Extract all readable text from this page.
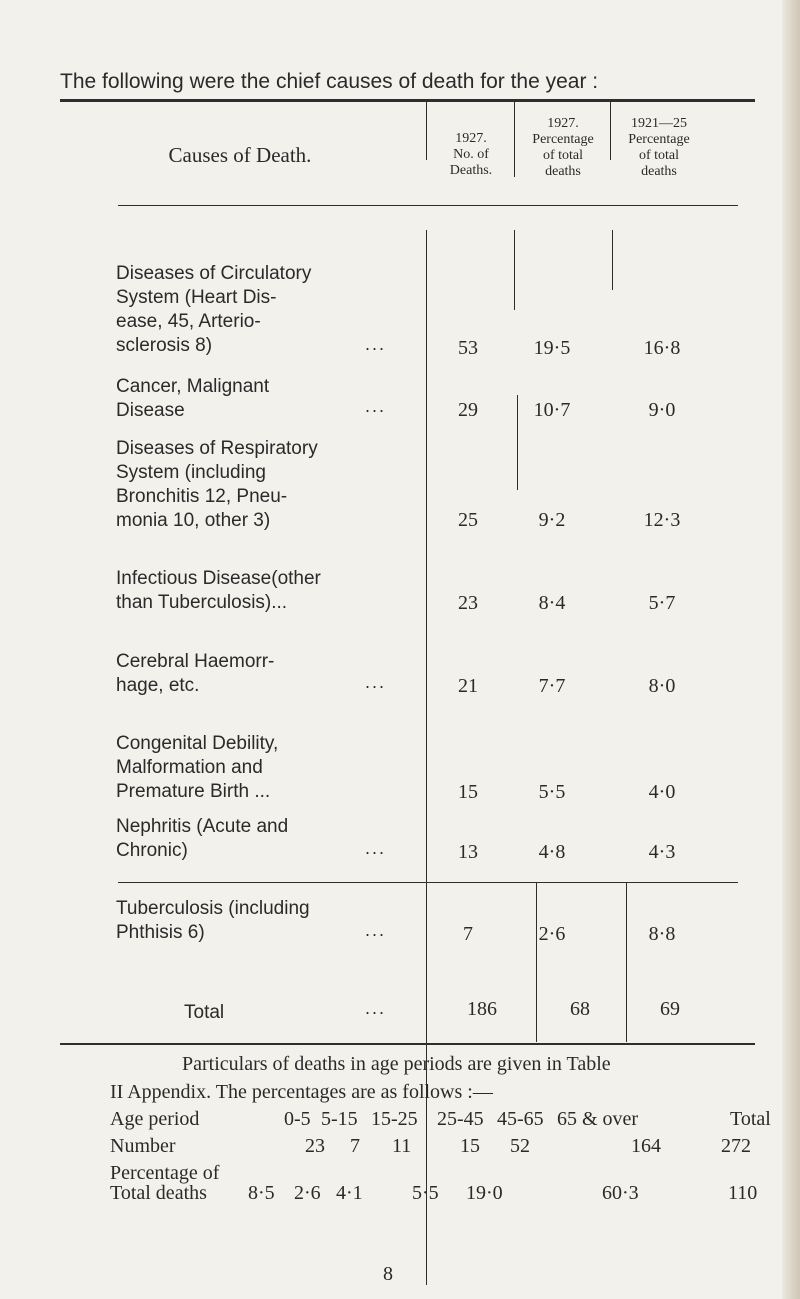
The following were the chief causes of death for the year :
Causes of Death.
1927.
No. of
Deaths.
1927.
Percentage
of total
deaths
1921—25
Percentage
of total
deaths
Diseases of Circulatory
System (Heart Dis-
ease, 45, Arterio-
sclerosis 8)	...	53	19·5	16·8
Cancer, Malignant
Disease	...	29	10·7	9·0
Diseases of Respiratory
System (including
Bronchitis 12, Pneu-
monia 10, other 3)	25	9·2	12·3
Infectious Disease(other
than Tuberculosis)...	23	8·4	5·7
Cerebral Haemorr-
hage, etc.	...	21	7·7	8·0
Congenital Debility,
Malformation and
Premature Birth ...	15	5·5	4·0
Nephritis (Acute and
Chronic)	...	13	4·8	4·3
Tuberculosis (including
Phthisis 6)	...	7	2·6	8·8
Total	...	186	68	69
Particulars of deaths in age periods are given in Table
II Appendix. The percentages are as follows :—
Age period	0-5 5-15 15-25 25-45 45-65 65 & over	Total
Number	23 7 11 15 52	164	272
Percentage of
Total deaths 8·5 2·6 4·1 5·5 19·0	60·3	110
8
